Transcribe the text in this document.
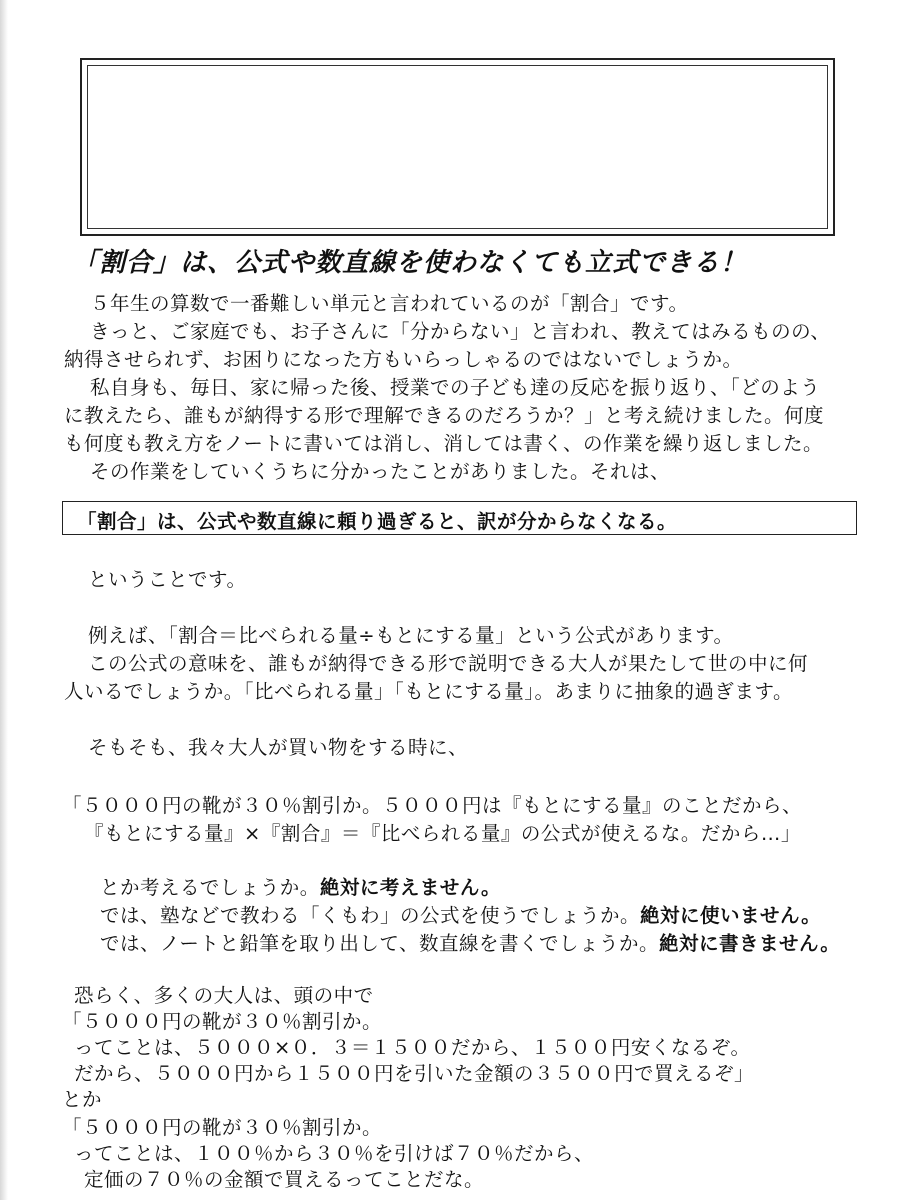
「割合」は、公式や数直線を使わなくても立式できる！
５年生の算数で一番難しい単元と言われているのが「割合」です。
きっと、ご家庭でも、お子さんに「分からない」と言われ、教えてはみるものの、
納得させられず、お困りになった方もいらっしゃるのではないでしょうか。
私自身も、毎日、家に帰った後、授業での子ども達の反応を振り返り、「どのよう
に教えたら、誰もが納得する形で理解できるのだろうか？」と考え続けました。何度
も何度も教え方をノートに書いては消し、消しては書く、の作業を繰り返しました。
その作業をしていくうちに分かったことがありました。それは、
「割合」は、公式や数直線に頼り過ぎると、訳が分からなくなる。
ということです。
例えば、「割合＝比べられる量÷もとにする量」という公式があります。
この公式の意味を、誰もが納得できる形で説明できる大人が果たして世の中に何
人いるでしょうか。「比べられる量」「もとにする量」。あまりに抽象的過ぎます。
そもそも、我々大人が買い物をする時に、
「５０００円の靴が３０％割引か。５０００円は『もとにする量』のことだから、
『もとにする量』×『割合』＝『比べられる量』の公式が使えるな。だから…」
とか考えるでしょうか。絶対に考えません。
では、塾などで教わる「くもわ」の公式を使うでしょうか。絶対に使いません。
では、ノートと鉛筆を取り出して、数直線を書くでしょうか。絶対に書きません。
恐らく、多くの大人は、頭の中で
「５０００円の靴が３０％割引か。
ってことは、５０００×０．３＝１５００だから、１５００円安くなるぞ。
だから、５０００円から１５００円を引いた金額の３５００円で買えるぞ」
とか
「５０００円の靴が３０％割引か。
ってことは、１００％から３０％を引けば７０％だから、
定価の７０％の金額で買えるってことだな。
